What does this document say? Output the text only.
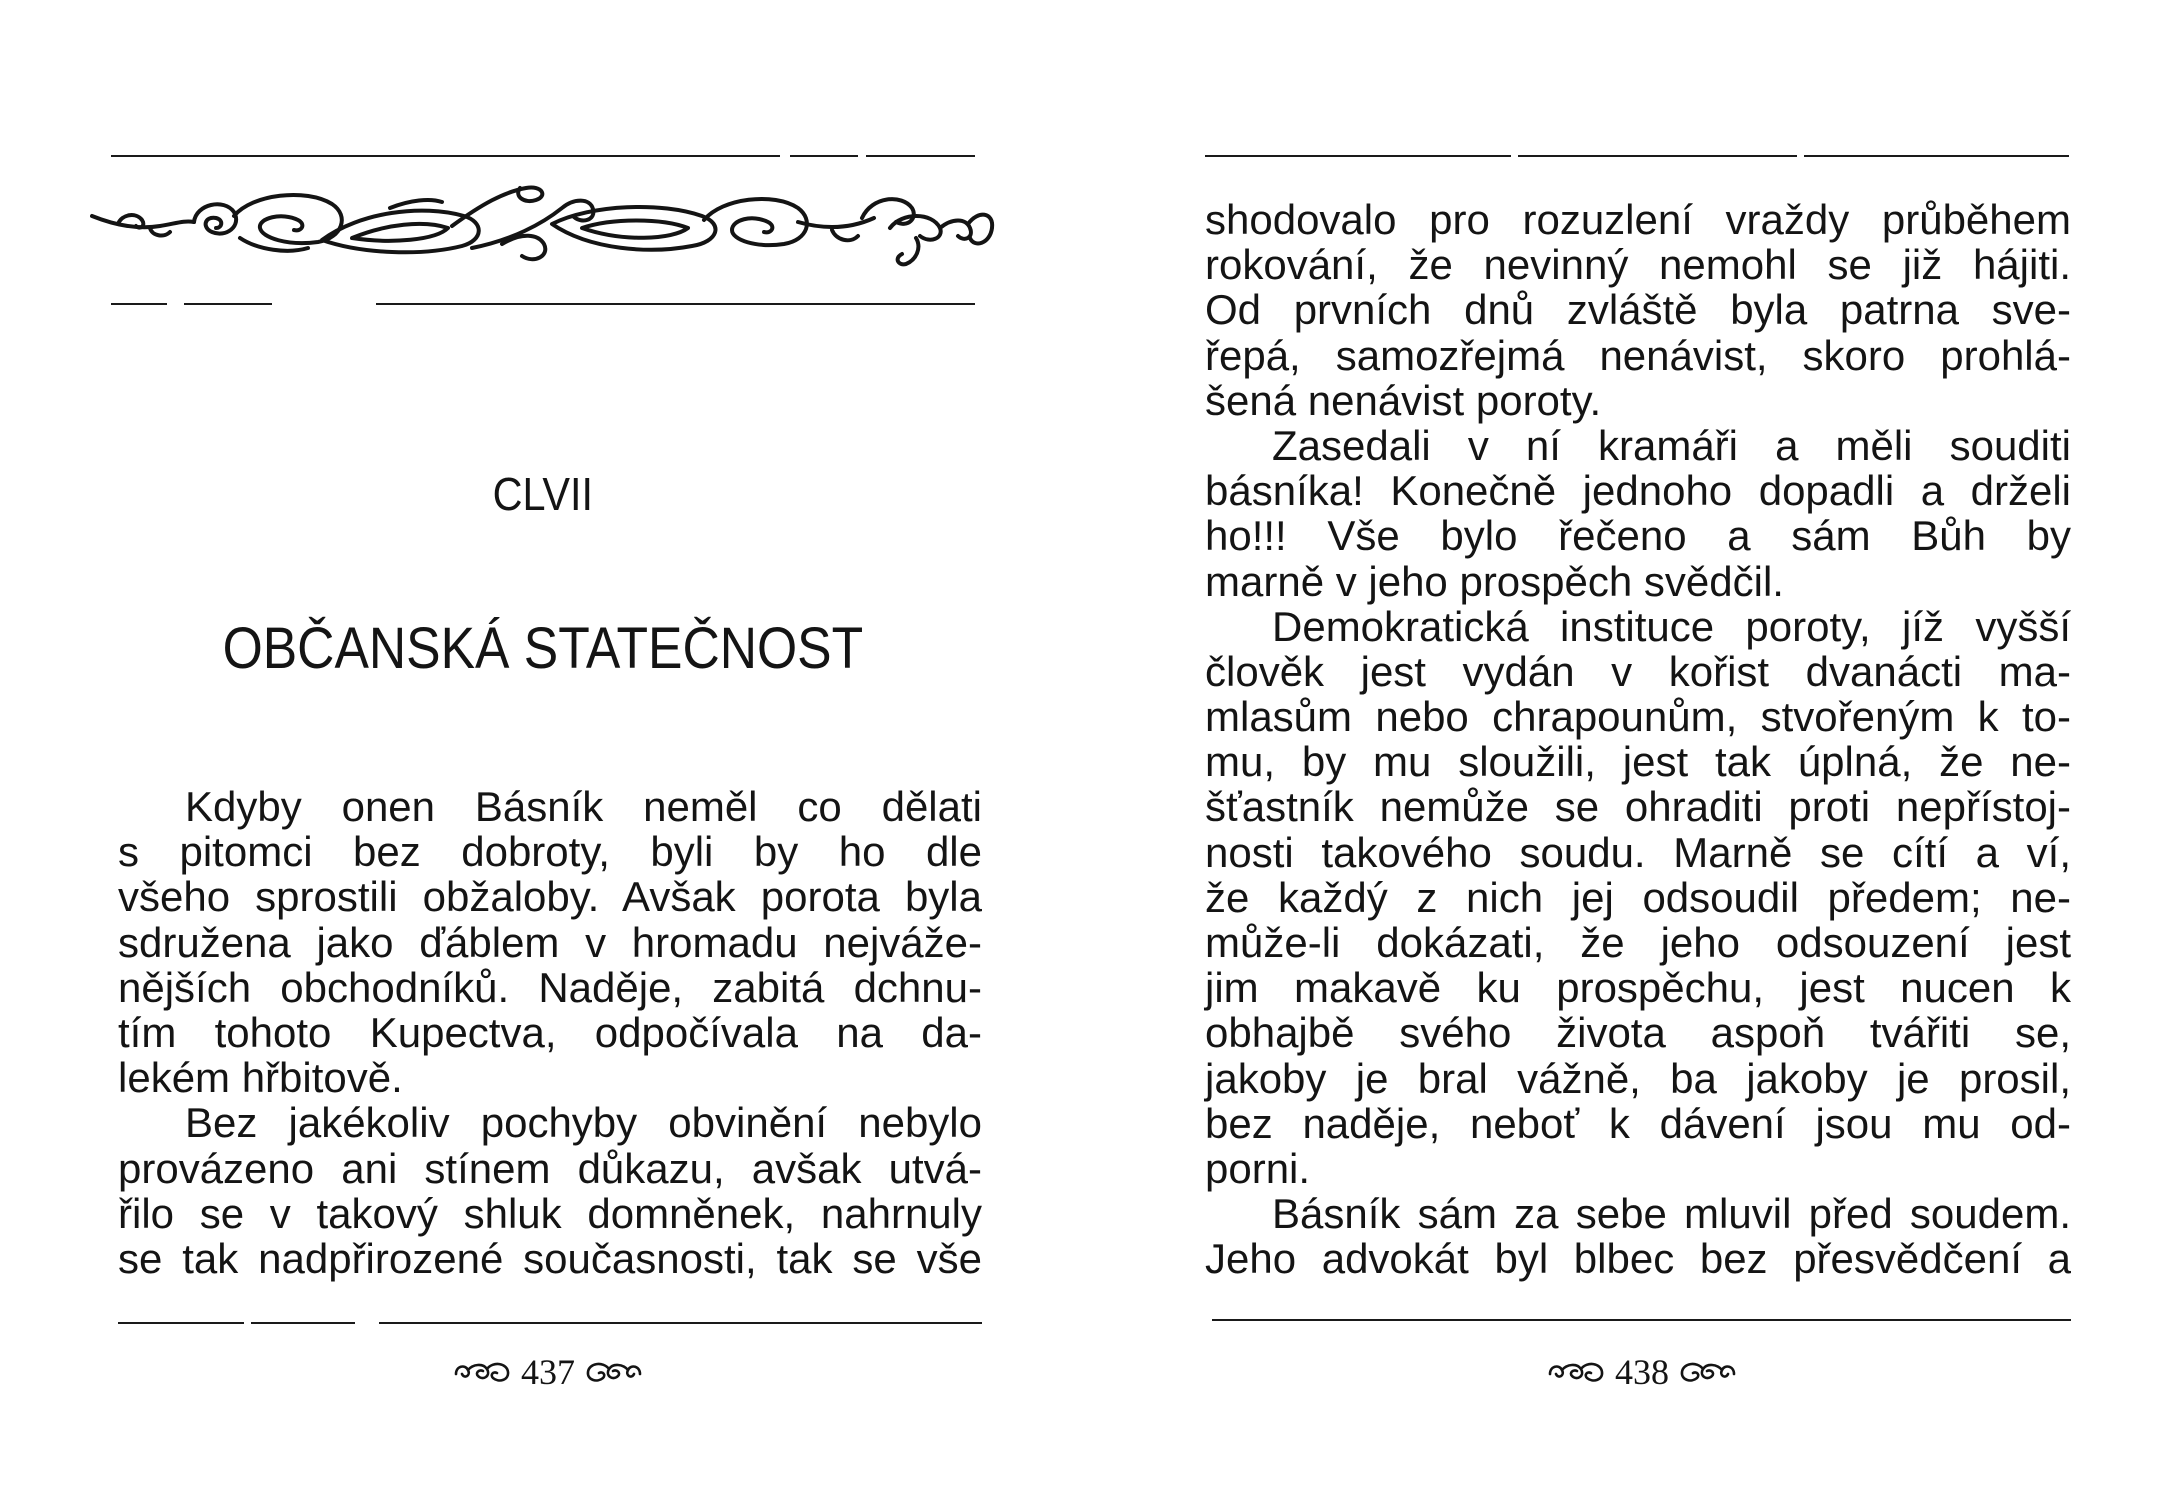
CLVII
OBČANSKÁ STATEČNOST
Kdyby onen Básník neměl co dělati
s pitomci bez dobroty, byli by ho dle
všeho sprostili obžaloby. Avšak porota byla
sdružena jako ďáblem v hromadu nejváže-
nějších obchodníků. Naděje, zabitá dchnu-
tím tohoto Kupectva, odpočívala na da-
lekém hřbitově.
Bez jakékoliv pochyby obvinění nebylo
provázeno ani stínem důkazu, avšak utvá-
řilo se v takový shluk domněnek, nahrnuly
se tak nadpřirozené současnosti, tak se vše
437
shodovalo pro rozuzlení vraždy průběhem
rokování, že nevinný nemohl se již hájiti.
Od prvních dnů zvláště byla patrna sve-
řepá, samozřejmá nenávist, skoro prohlá-
šená nenávist poroty.
Zasedali v ní kramáři a měli souditi
básníka! Konečně jednoho dopadli a drželi
ho!!! Vše bylo řečeno a sám Bůh by
marně v jeho prospěch svědčil.
Demokratická instituce poroty, jíž vyšší
člověk jest vydán v kořist dvanácti ma-
mlasům nebo chrapounům, stvořeným k to-
mu, by mu sloužili, jest tak úplná, že ne-
šťastník nemůže se ohraditi proti nepřístoj-
nosti takového soudu. Marně se cítí a ví,
že každý z nich jej odsoudil předem; ne-
může-li dokázati, že jeho odsouzení jest
jim makavě ku prospěchu, jest nucen k
obhajbě svého života aspoň tvářiti se,
jakoby je bral vážně, ba jakoby je prosil,
bez naděje, neboť k dávení jsou mu od-
porni.
Básník sám za sebe mluvil před soudem.
Jeho advokát byl blbec bez přesvědčení a
438
